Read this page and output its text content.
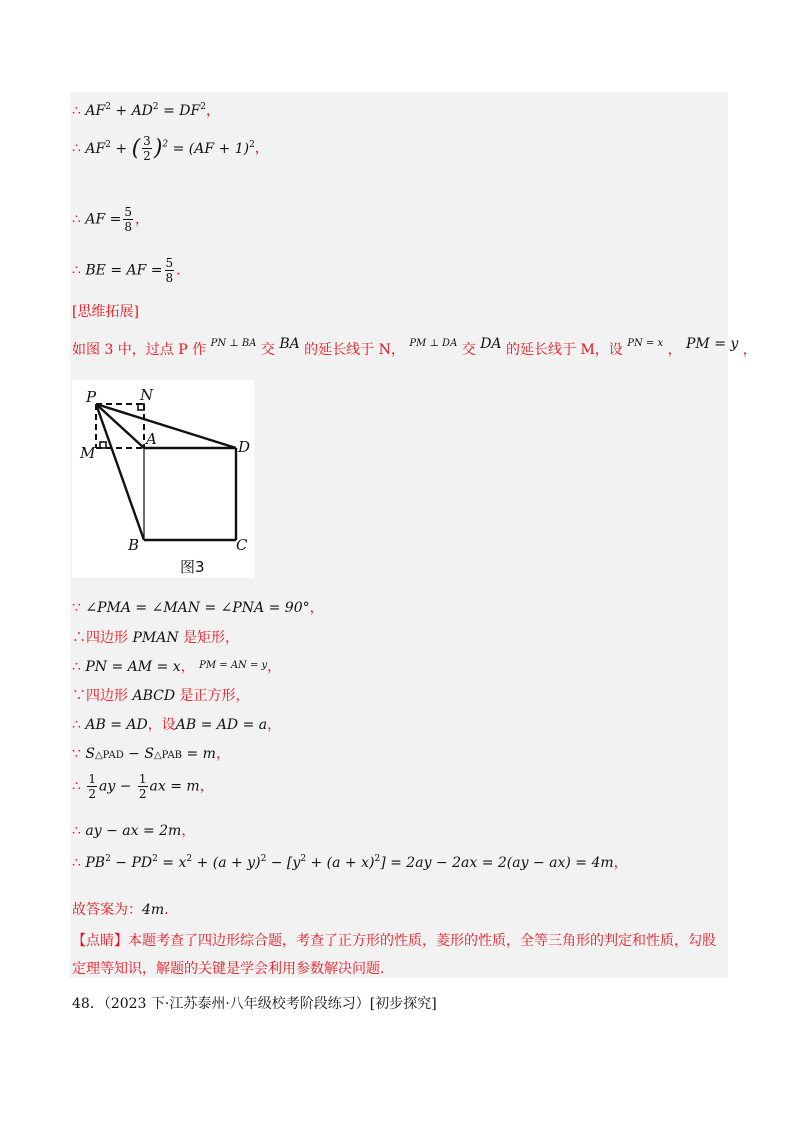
∴ $AF^2 + AD^2 = DF^2$，
∴ $AF^2$ + ( $\frac{3}{2} )^2 = (AF + 1)^2$，
∴ AF = $\frac{5}{8}$ ，
∴ BE = AF = $\frac{5}{8}$ ．
[思维拓展]
如图 3 中，过点 P 作 $^{PN \perp BA}$ 交 BA 的延长线于 N， $^{PM \perp DA}$ 交 DA 的延长线于 M，设 $^{PN = x}$ ， PM = y ，
P	N
A	D
M
B	C
图3
∵ ∠PMA = ∠MAN = ∠PNA = 90°，
∴四边形 PMAN 是矩形，
∴ PN = AM = x， $^{PM = AN = y}$，
∵四边形 ABCD 是正方形，
∴ AB = AD，设AB = AD = a，
∵ S△PAD − S△PAB = m，
∴ $\frac{1}{2}$ ay − $\frac{1}{2}$ ax = m，
∴ ay − ax = 2m，
∴ $PB^2 - PD^2 = x^2 + (a + y)^2 - [y^2 + (a + x)^2] = 2ay - 2ax = 2(ay - ax) = 4m$，
故答案为：4m．
【点睛】本题考查了四边形综合题，考查了正方形的性质，菱形的性质，全等三角形的判定和性质，勾股
定理等知识，解题的关键是学会利用参数解决问题．
48．（2023 下·江苏泰州·八年级校考阶段练习）[初步探究]
